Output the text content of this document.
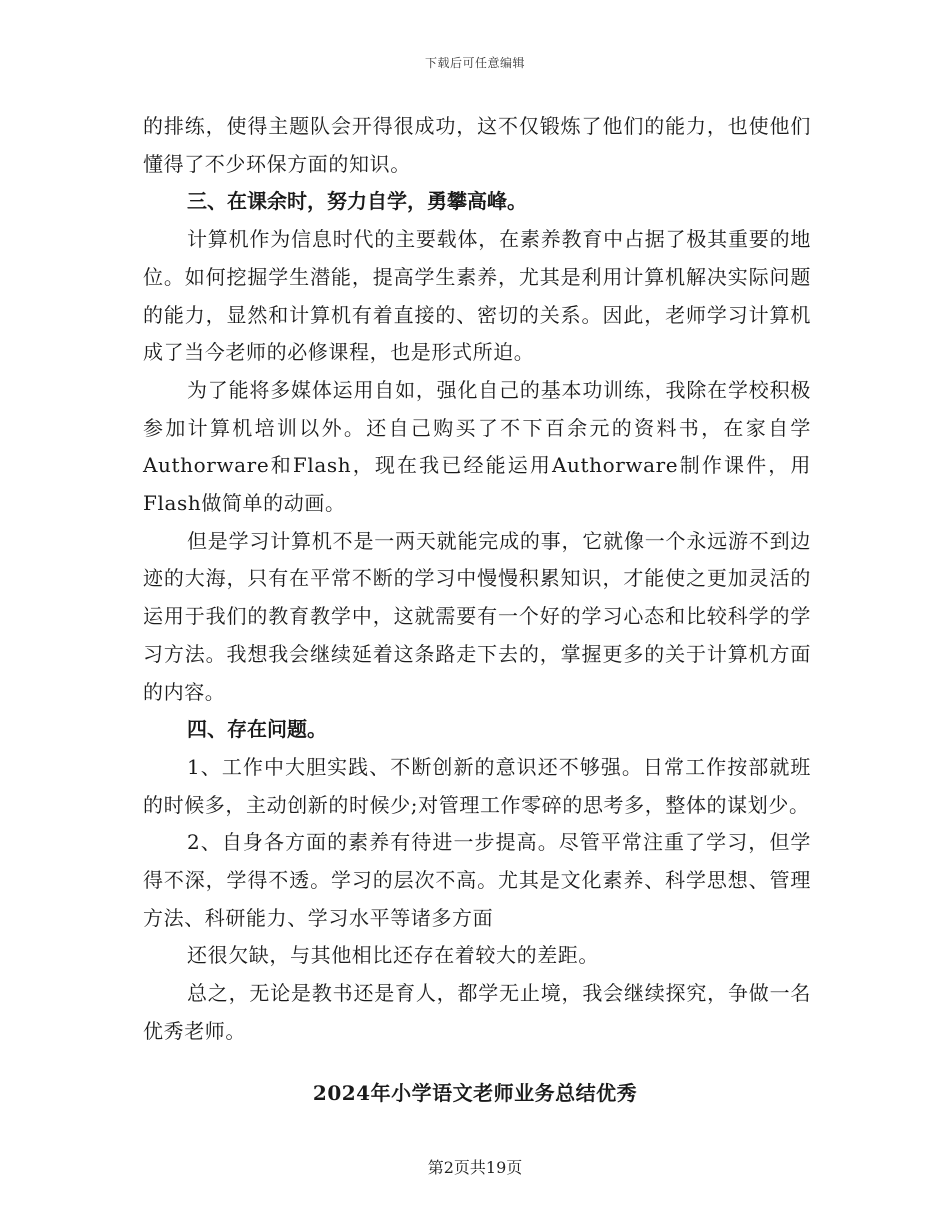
下载后可任意编辑

的排练，使得主题队会开得很成功，这不仅锻炼了他们的能力，也使他们懂得了不少环保方面的知识。

三、在课余时，努力自学，勇攀高峰。

计算机作为信息时代的主要载体，在素养教育中占据了极其重要的地位。如何挖掘学生潜能，提高学生素养，尤其是利用计算机解决实际问题的能力，显然和计算机有着直接的、密切的关系。因此，老师学习计算机成了当今老师的必修课程，也是形式所迫。

为了能将多媒体运用自如，强化自己的基本功训练，我除在学校积极参加计算机培训以外。还自己购买了不下百余元的资料书，在家自学Authorware和Flash，现在我已经能运用Authorware制作课件，用Flash做简单的动画。

但是学习计算机不是一两天就能完成的事，它就像一个永远游不到边迹的大海，只有在平常不断的学习中慢慢积累知识，才能使之更加灵活的运用于我们的教育教学中，这就需要有一个好的学习心态和比较科学的学习方法。我想我会继续延着这条路走下去的，掌握更多的关于计算机方面的内容。

四、存在问题。

1、工作中大胆实践、不断创新的意识还不够强。日常工作按部就班的时候多，主动创新的时候少;对管理工作零碎的思考多，整体的谋划少。

2、自身各方面的素养有待进一步提高。尽管平常注重了学习，但学得不深，学得不透。学习的层次不高。尤其是文化素养、科学思想、管理方法、科研能力、学习水平等诸多方面

还很欠缺，与其他相比还存在着较大的差距。

总之，无论是教书还是育人，都学无止境，我会继续探究，争做一名优秀老师。

2024年小学语文老师业务总结优秀
第2页共19页
